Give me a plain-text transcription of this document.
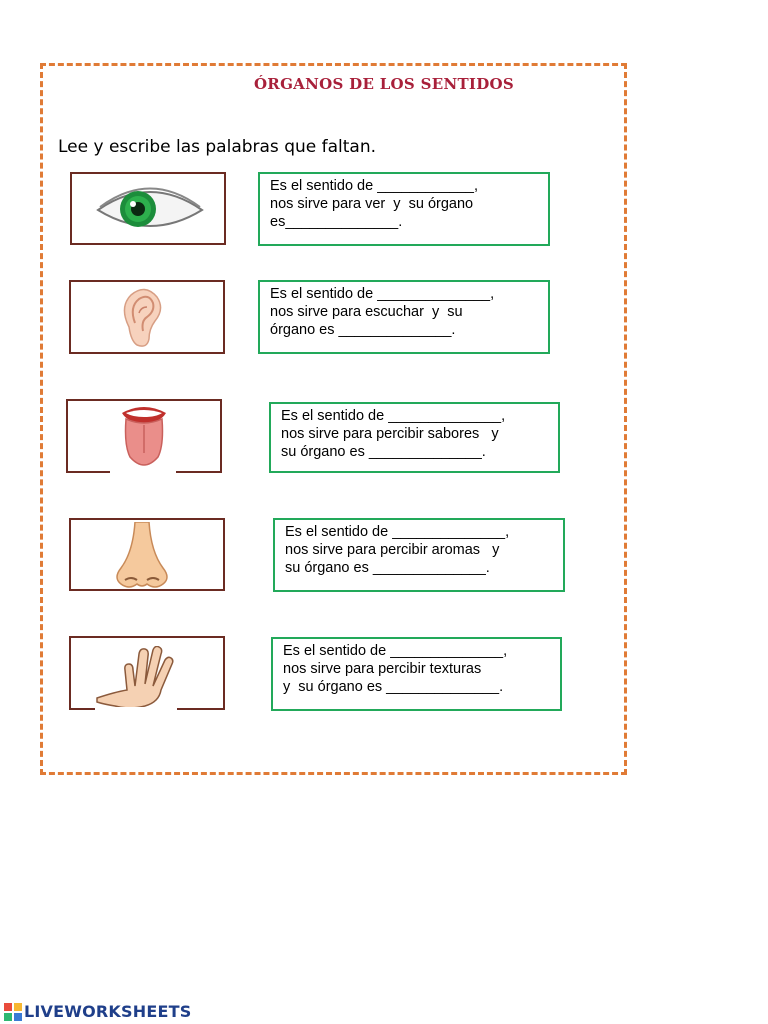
ÓRGANOS DE LOS SENTIDOS
Lee y escribe las palabras que faltan.
Es el sentido de ____________,
nos sirve para ver  y  su órgano
es______________.
Es el sentido de ______________,
nos sirve para escuchar  y  su
órgano es ______________.
Es el sentido de ______________,
nos sirve para percibir sabores   y
su órgano es ______________.
Es el sentido de ______________,
nos sirve para percibir aromas   y
su órgano es ______________.
Es el sentido de ______________,
nos sirve para percibir texturas
y  su órgano es ______________.
LIVEWORKSHEETS
